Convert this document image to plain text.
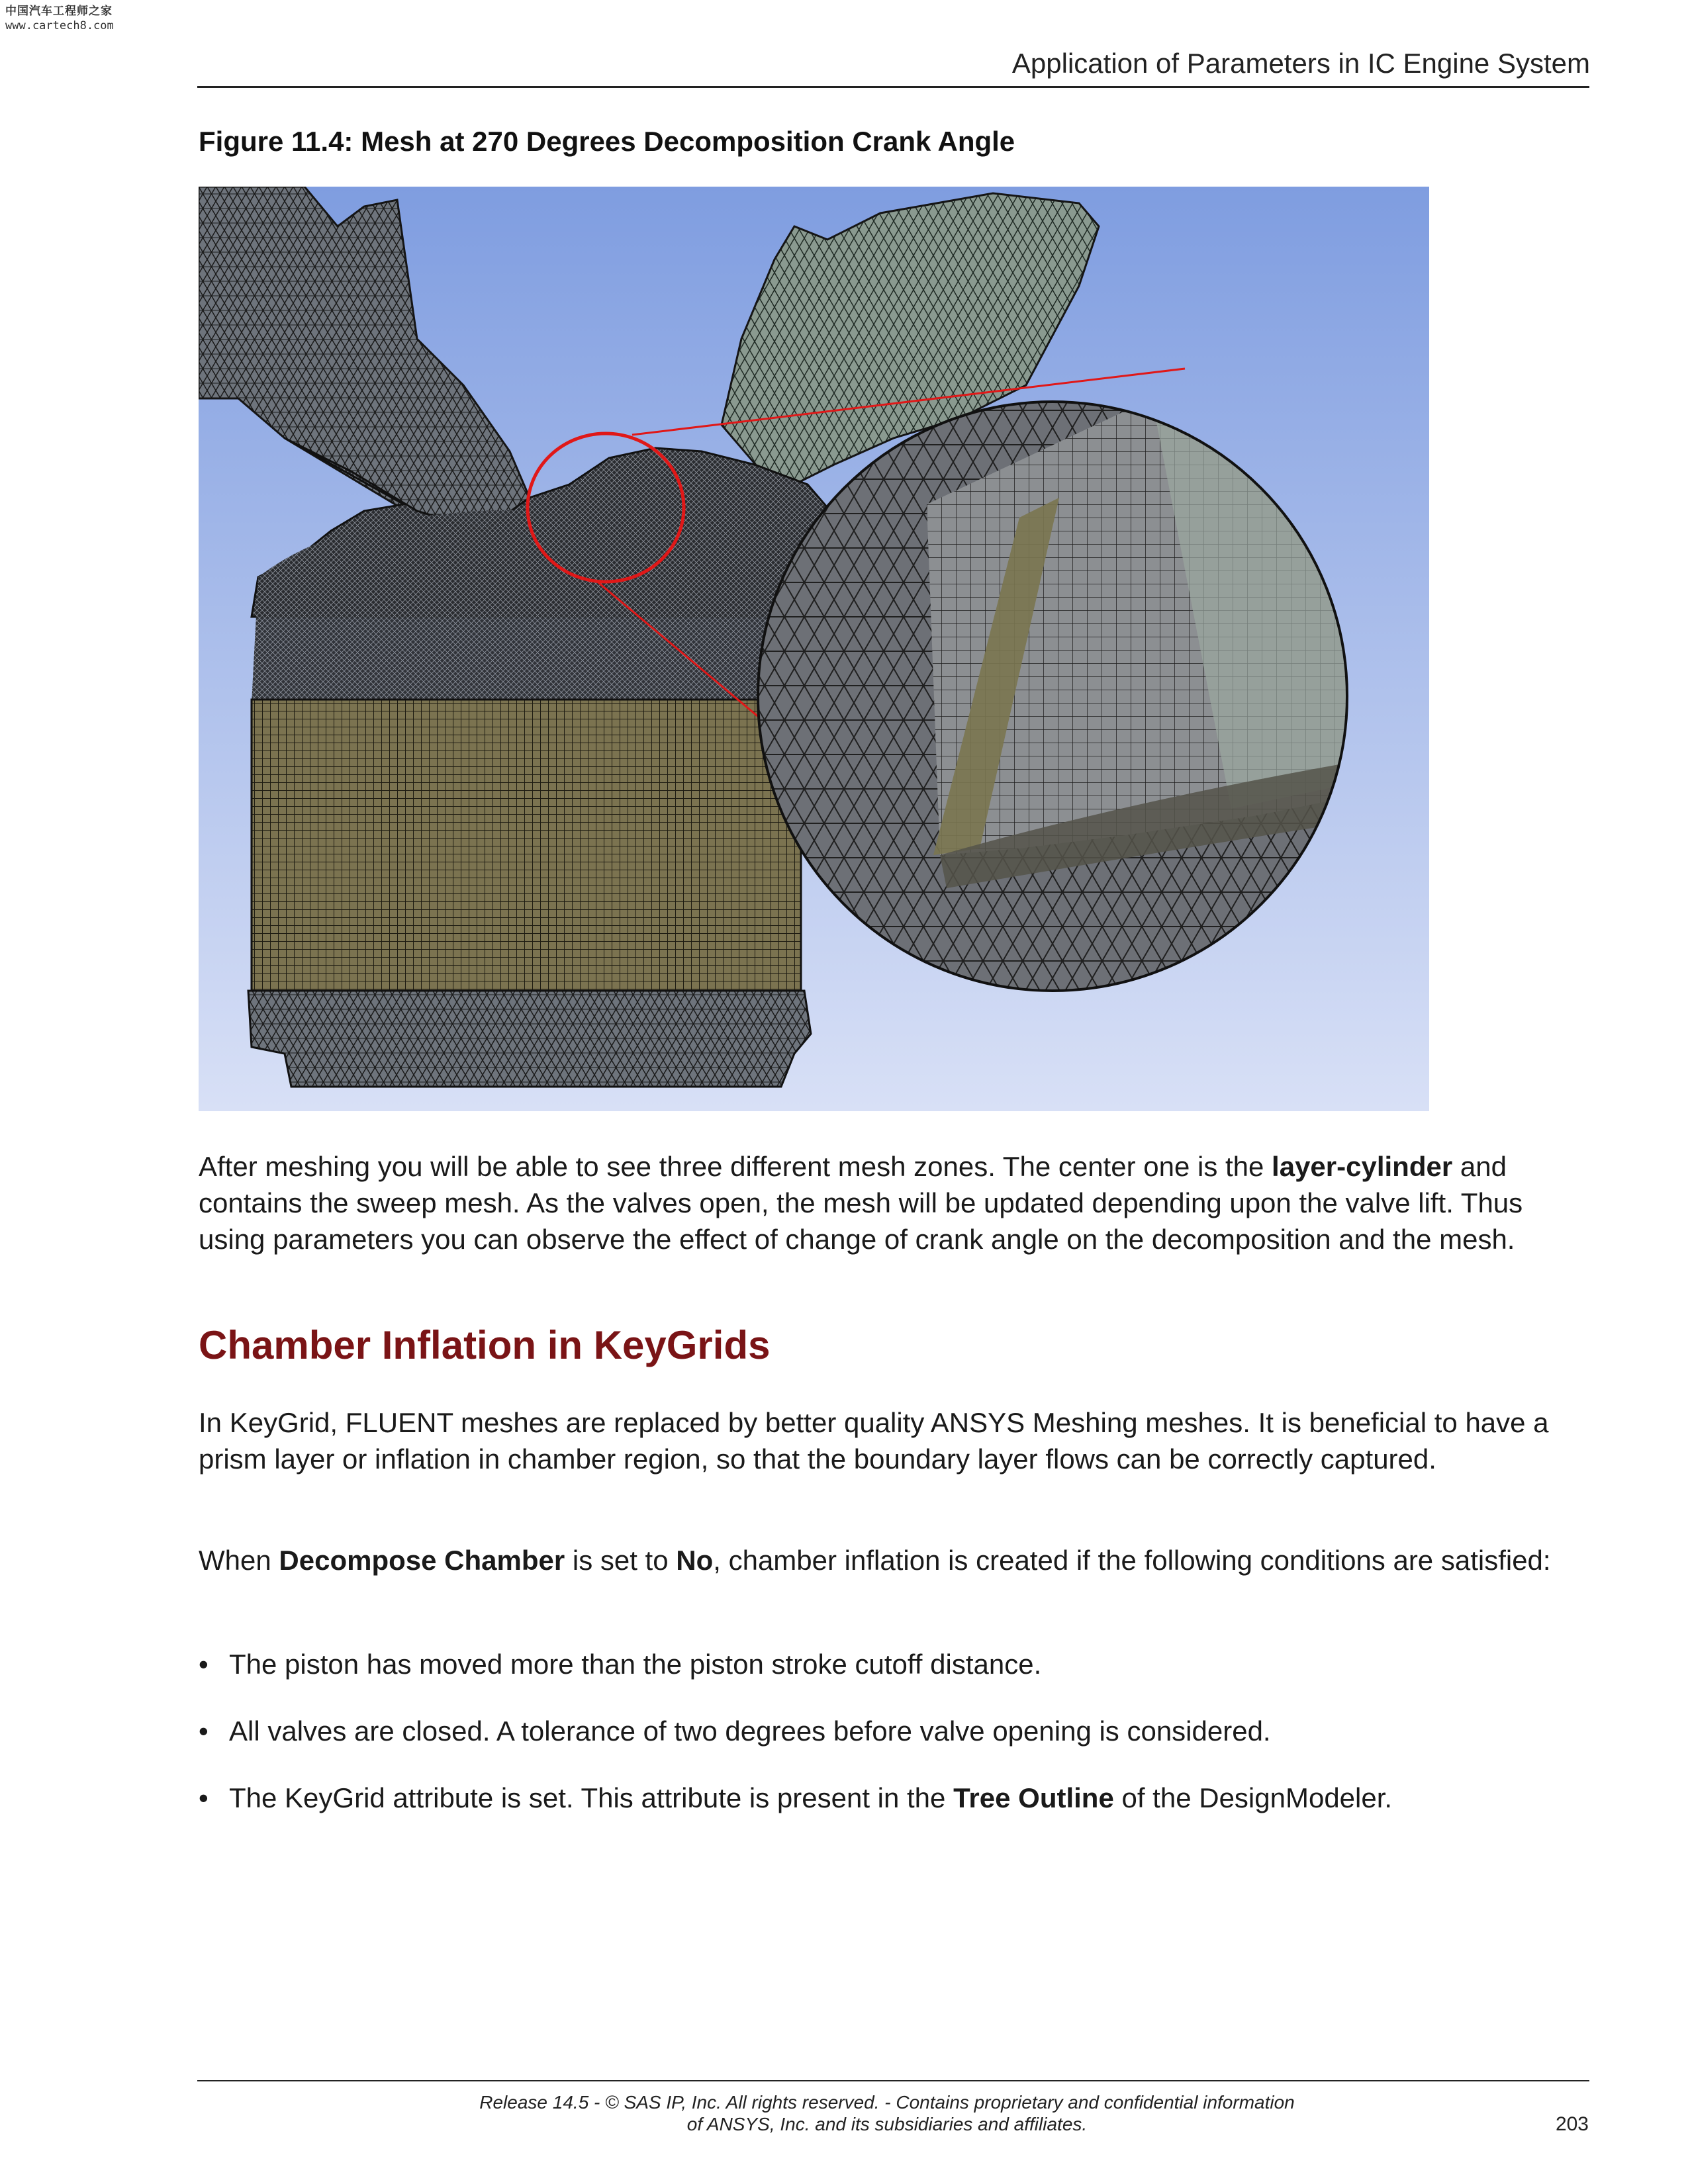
中国汽车工程师之家
www.cartech8.com
Application of Parameters in IC Engine System
Figure 11.4: Mesh at 270 Degrees Decomposition Crank Angle
After meshing you will be able to see three different mesh zones. The center one is the layer-cylinder and contains the sweep mesh. As the valves open, the mesh will be updated depending upon the valve lift. Thus using parameters you can observe the effect of change of crank angle on the decomposition and the mesh.
Chamber Inflation in KeyGrids
In KeyGrid, FLUENT meshes are replaced by better quality ANSYS Meshing meshes. It is beneficial to have a prism layer or inflation in chamber region, so that the boundary layer flows can be correctly captured.
When Decompose Chamber is set to No, chamber inflation is created if the following conditions are satisfied:
• The piston has moved more than the piston stroke cutoff distance.
• All valves are closed. A tolerance of two degrees before valve opening is considered.
• The KeyGrid attribute is set. This attribute is present in the Tree Outline of the DesignModeler.
Release 14.5 - © SAS IP, Inc. All rights reserved. - Contains proprietary and confidential information
of ANSYS, Inc. and its subsidiaries and affiliates.	203
